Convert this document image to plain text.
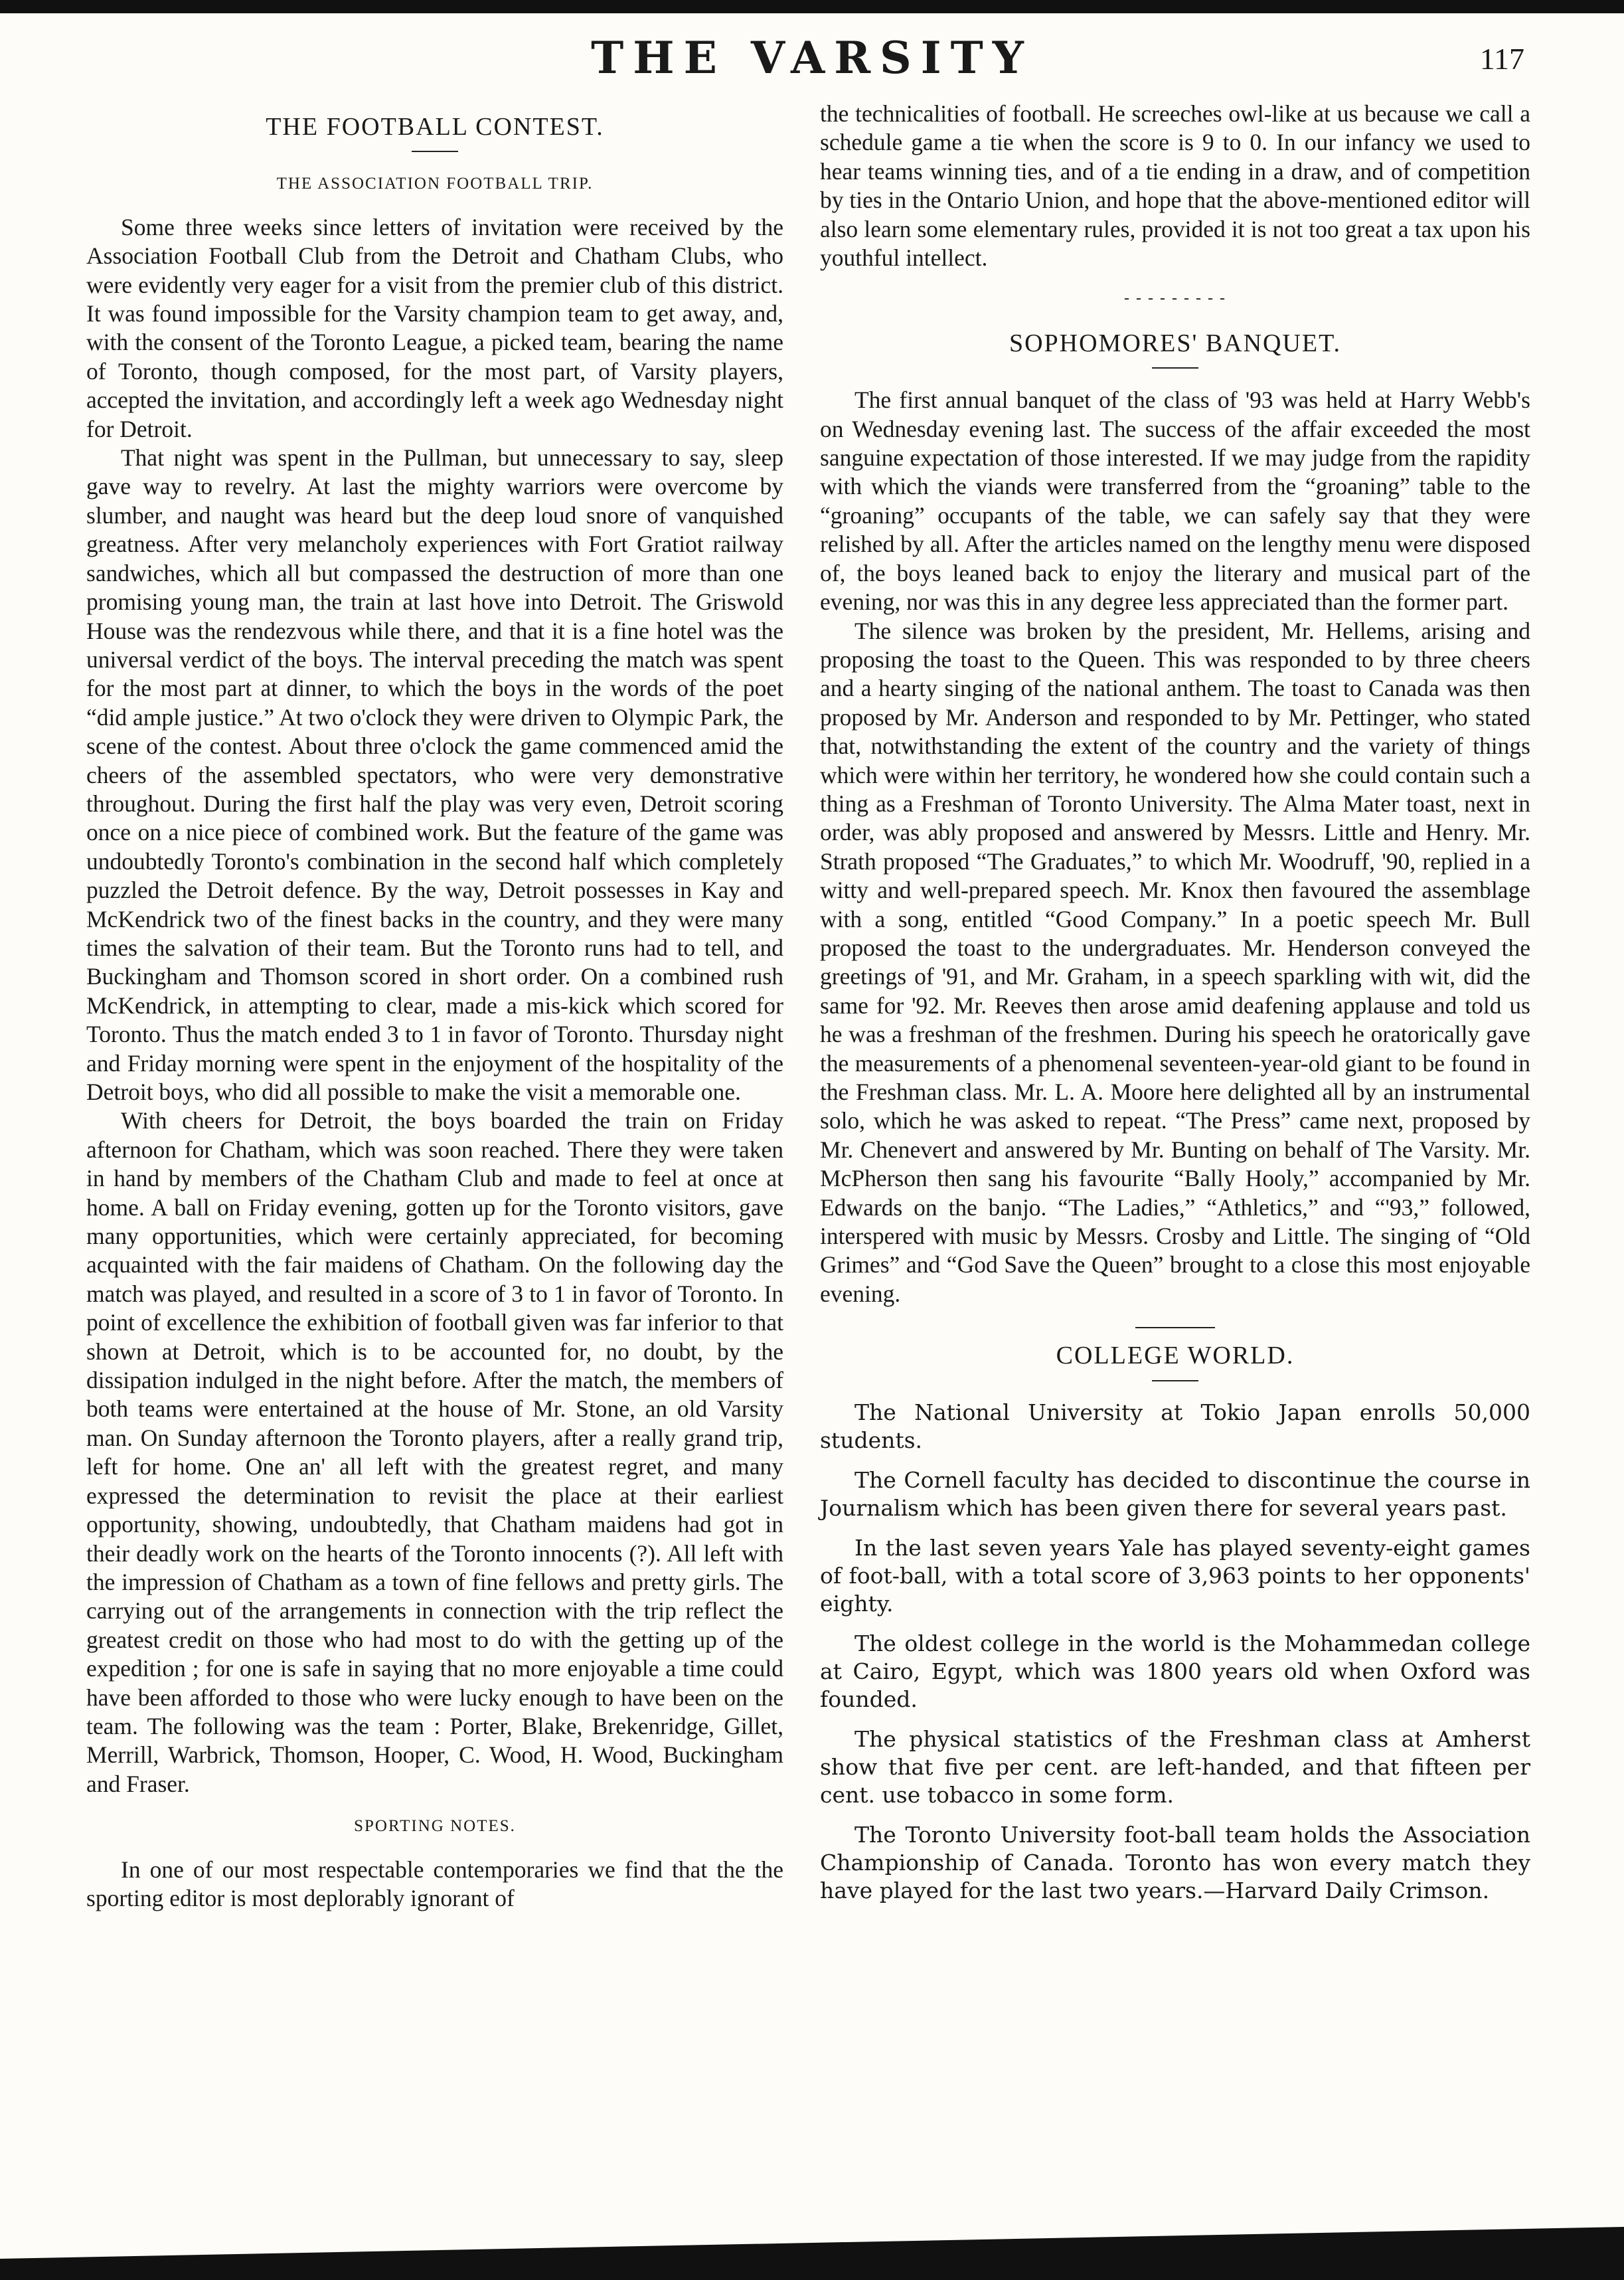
THE VARSITY	117
THE FOOTBALL CONTEST.
THE ASSOCIATION FOOTBALL TRIP.

Some three weeks since letters of invitation were received by the Association Football Club from the Detroit and Chatham Clubs, who were evidently very eager for a visit from the premier club of this district. It was found impossible for the Varsity champion team to get away, and, with the consent of the Toronto League, a picked team, bearing the name of Toronto, though composed, for the most part, of Varsity players, accepted the invitation, and accordingly left a week ago Wednesday night for Detroit.

That night was spent in the Pullman, but unnecessary to say, sleep gave way to revelry. At last the mighty warriors were overcome by slumber, and naught was heard but the deep loud snore of vanquished greatness. After very melancholy experiences with Fort Gratiot railway sandwiches, which all but compassed the destruction of more than one promising young man, the train at last hove into Detroit. The Griswold House was the rendezvous while there, and that it is a fine hotel was the universal verdict of the boys. The interval preceding the match was spent for the most part at dinner, to which the boys in the words of the poet “did ample justice.” At two o'clock they were driven to Olympic Park, the scene of the contest. About three o'clock the game commenced amid the cheers of the assembled spectators, who were very demonstrative throughout. During the first half the play was very even, Detroit scoring once on a nice piece of combined work. But the feature of the game was undoubtedly Toronto's combination in the second half which completely puzzled the Detroit defence. By the way, Detroit possesses in Kay and McKendrick two of the finest backs in the country, and they were many times the salvation of their team. But the Toronto runs had to tell, and Buckingham and Thomson scored in short order. On a combined rush McKendrick, in attempting to clear, made a mis-kick which scored for Toronto. Thus the match ended 3 to 1 in favor of Toronto. Thursday night and Friday morning were spent in the enjoyment of the hospitality of the Detroit boys, who did all possible to make the visit a memorable one.

With cheers for Detroit, the boys boarded the train on Friday afternoon for Chatham, which was soon reached. There they were taken in hand by members of the Chatham Club and made to feel at once at home. A ball on Friday evening, gotten up for the Toronto visitors, gave many opportunities, which were certainly appreciated, for becoming acquainted with the fair maidens of Chatham. On the following day the match was played, and resulted in a score of 3 to 1 in favor of Toronto. In point of excellence the exhibition of football given was far inferior to that shown at Detroit, which is to be accounted for, no doubt, by the dissipation indulged in the night before. After the match, the members of both teams were entertained at the house of Mr. Stone, an old Varsity man. On Sunday afternoon the Toronto players, after a really grand trip, left for home. One an' all left with the greatest regret, and many expressed the determination to revisit the place at their earliest opportunity, showing, undoubtedly, that Chatham maidens had got in their deadly work on the hearts of the Toronto innocents (?). All left with the impression of Chatham as a town of fine fellows and pretty girls. The carrying out of the arrangements in connection with the trip reflect the greatest credit on those who had most to do with the getting up of the expedition ; for one is safe in saying that no more enjoyable a time could have been afforded to those who were lucky enough to have been on the team. The following was the team : Porter, Blake, Brekenridge, Gillet, Merrill, Warbrick, Thomson, Hooper, C. Wood, H. Wood, Buckingham and Fraser.

SPORTING NOTES.

In one of our most respectable contemporaries we find that the the sporting editor is most deplorably ignorant of

the technicalities of football. He screeches owl-like at us because we call a schedule game a tie when the score is 9 to 0. In our infancy we used to hear teams winning ties, and of a tie ending in a draw, and of competition by ties in the Ontario Union, and hope that the above-mentioned editor will also learn some elementary rules, provided it is not too great a tax upon his youthful intellect.

- - - - - - - - -
SOPHOMORES' BANQUET.

The first annual banquet of the class of '93 was held at Harry Webb's on Wednesday evening last. The success of the affair exceeded the most sanguine expectation of those interested. If we may judge from the rapidity with which the viands were transferred from the “groaning” table to the “groaning” occupants of the table, we can safely say that they were relished by all. After the articles named on the lengthy menu were disposed of, the boys leaned back to enjoy the literary and musical part of the evening, nor was this in any degree less appreciated than the former part.

The silence was broken by the president, Mr. Hellems, arising and proposing the toast to the Queen. This was responded to by three cheers and a hearty singing of the national anthem. The toast to Canada was then proposed by Mr. Anderson and responded to by Mr. Pettinger, who stated that, notwithstanding the extent of the country and the variety of things which were within her territory, he wondered how she could contain such a thing as a Freshman of Toronto University. The Alma Mater toast, next in order, was ably proposed and answered by Messrs. Little and Henry. Mr. Strath proposed “The Graduates,” to which Mr. Woodruff, '90, replied in a witty and well-prepared speech. Mr. Knox then favoured the assemblage with a song, entitled “Good Company.” In a poetic speech Mr. Bull proposed the toast to the undergraduates. Mr. Henderson conveyed the greetings of '91, and Mr. Graham, in a speech sparkling with wit, did the same for '92. Mr. Reeves then arose amid deafening applause and told us he was a freshman of the freshmen. During his speech he oratorically gave the measurements of a phenomenal seventeen-year-old giant to be found in the Freshman class. Mr. L. A. Moore here delighted all by an instrumental solo, which he was asked to repeat. “The Press” came next, proposed by Mr. Chenevert and answered by Mr. Bunting on behalf of The Varsity. Mr. McPherson then sang his favourite “Bally Hooly,” accompanied by Mr. Edwards on the banjo. “The Ladies,” “Athletics,” and “'93,” followed, interspered with music by Messrs. Crosby and Little. The singing of “Old Grimes” and “God Save the Queen” brought to a close this most enjoyable evening.

COLLEGE WORLD.

The National University at Tokio Japan enrolls 50,000 students.

The Cornell faculty has decided to discontinue the course in Journalism which has been given there for several years past.

In the last seven years Yale has played seventy-eight games of foot-ball, with a total score of 3,963 points to her opponents' eighty.

The oldest college in the world is the Mohammedan college at Cairo, Egypt, which was 1800 years old when Oxford was founded.

The physical statistics of the Freshman class at Amherst show that five per cent. are left-handed, and that fifteen per cent. use tobacco in some form.

The Toronto University foot-ball team holds the Association Championship of Canada. Toronto has won every match they have played for the last two years.—Harvard Daily Crimson.
